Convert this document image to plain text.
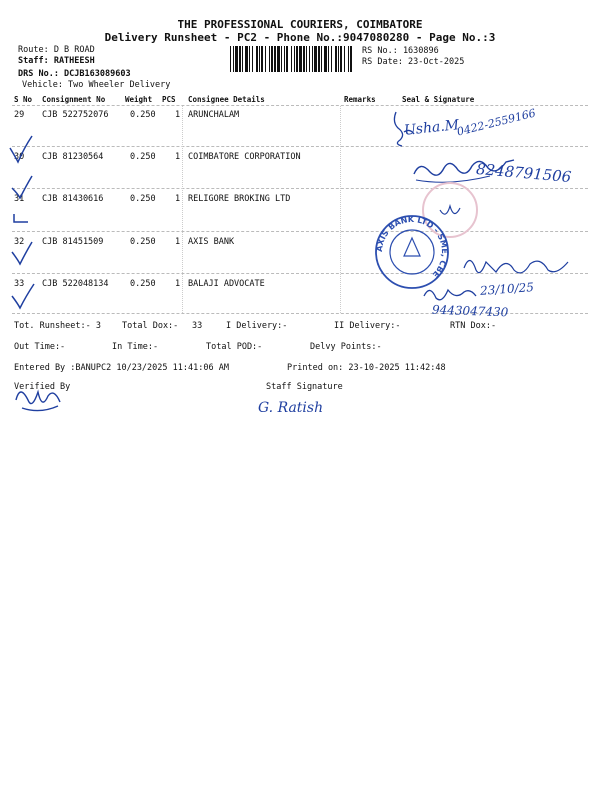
THE PROFESSIONAL COURIERS, COIMBATORE
Delivery Runsheet - PC2 - Phone No.:9047080280 - Page No.:3
Route: D B ROAD
Staff: RATHEESH
DRS No.: DCJB163089603
Vehicle: Two Wheeler Delivery
RS No.: 1630896
RS Date: 23-Oct-2025
S No Consignment No	Weight PCS Consignee Details	Remarks	Seal & Signature
29 CJB 522752076	0.250 1 ARUNCHALAM
30 CJB 81230564	0.250 1 COIMBATORE CORPORATION
31 CJB 81430616	0.250 1 RELIGORE BROKING LTD
32 CJB 81451509	0.250 1 AXIS BANK
33 CJB 522048134	0.250 1 BALAJI ADVOCATE
Tot. Runsheet:- 3 Total Dox:- 33	I Delivery:-	II Delivery:-	RTN Dox:-
Out Time:-	In Time:-	Total POD:-	Delvy Points:-
Entered By :BANUPC2 10/23/2025 11:41:06 AM	Printed on: 23-10-2025 11:42:48
Verified By	Staff Signature
Usha.M
0422-2559166
8248791506
AXIS BANK LTD - SME, CBE
23/10/25
9443047430
G. Ratish
